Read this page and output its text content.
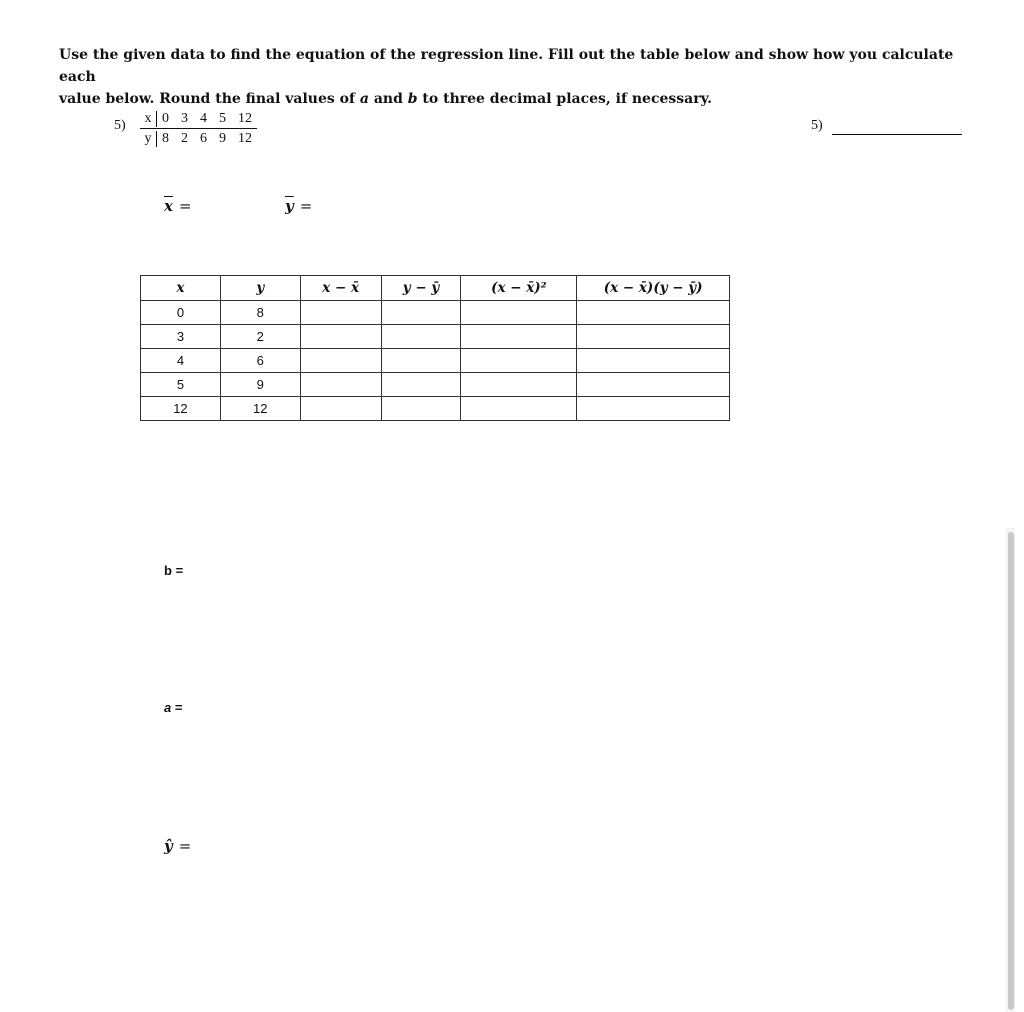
Use the given data to find the equation of the regression line. Fill out the table below and show how you calculate each
value below. Round the final values of a and b to three decimal places, if necessary.
5)	x 0 3 4 5 12
y 8 2 6 9 12
5)
$\overline{x}$ =	$\overline{y}$ =
x	y	x − x̄	y − ȳ	(x − x̄)²	(x − x̄)(y − ȳ)
0	8				
3	2				
4	6				
5	9				
12	12				
b =
a =
ŷ =
